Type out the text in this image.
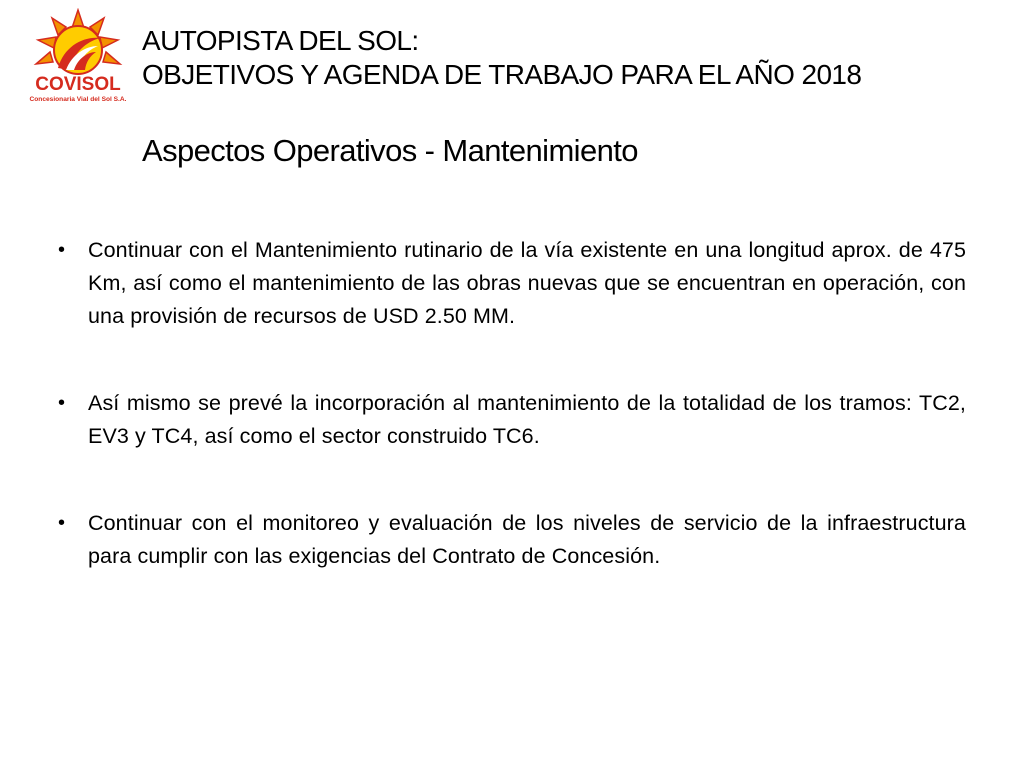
COVISOL
Concesionaria Vial del Sol S.A.
AUTOPISTA DEL SOL:
OBJETIVOS Y AGENDA DE TRABAJO PARA EL AÑO 2018
Aspectos Operativos - Mantenimiento
• Continuar con el Mantenimiento rutinario de la vía existente en una longitud aprox. de 475 Km, así como el mantenimiento de las obras nuevas que se encuentran en operación, con una provisión de recursos de USD 2.50 MM.
• Así mismo se prevé la incorporación al mantenimiento de la totalidad de los tramos: TC2, EV3 y TC4, así como el sector construido TC6.
• Continuar con el monitoreo y evaluación de los niveles de servicio de la infraestructura para cumplir con las exigencias del Contrato de Concesión.
